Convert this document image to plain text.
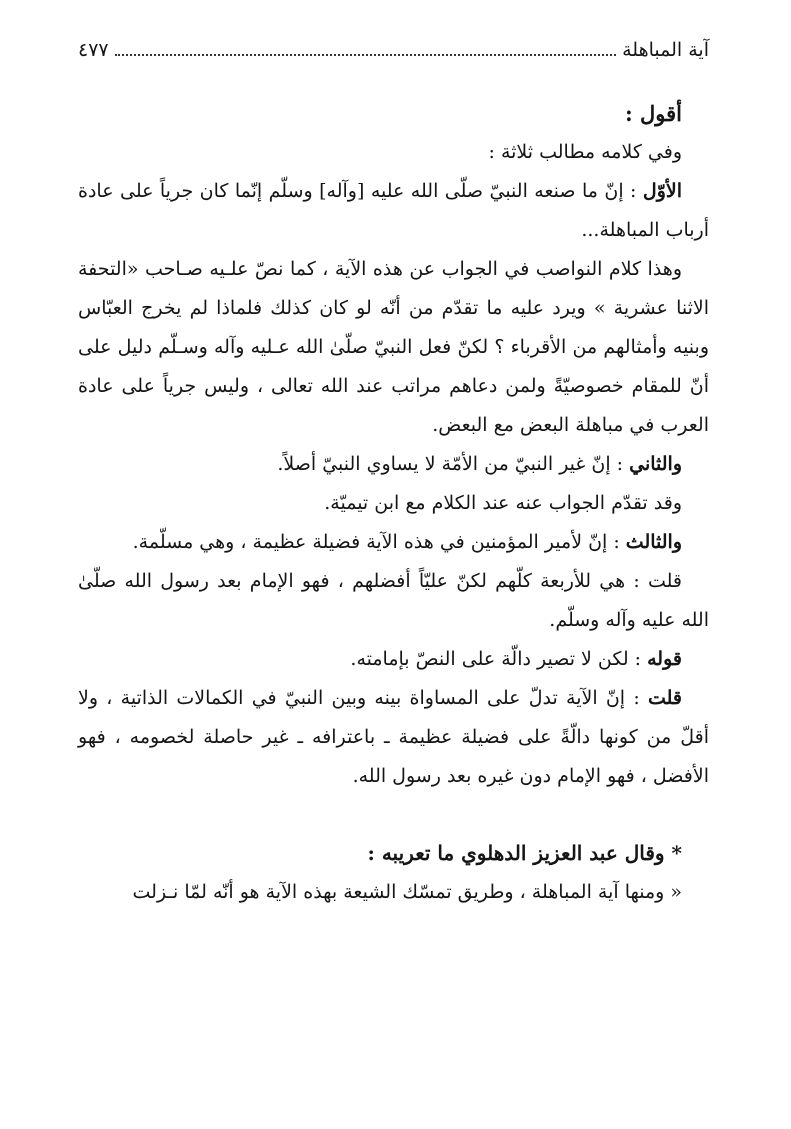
آية المباهلة
٤٧٧

أقول :

وفي كلامه مطالب ثلاثة :

الأوّل : إنّ ما صنعه النبيّ صلّى الله عليه [وآله] وسلّم إنّما كان جرياً على عادة أرباب المباهلة...

وهذا كلام النواصب في الجواب عن هذه الآية ، كما نصّ علـيه صـاحب «التحفة الاثنا عشرية » ويرد عليه ما تقدّم من أنّه لو كان كذلك فلماذا لم يخرج العبّاس وبنيه وأمثالهم من الأقرباء ؟ لكنّ فعل النبيّ صلّىٰ الله عـليه وآله وسـلّم دليل على أنّ للمقام خصوصيّةً ولمن دعاهم مراتب عند الله تعالى ، وليس جرياً على عادة العرب في مباهلة البعض مع البعض.

والثاني : إنّ غير النبيّ من الأمّة لا يساوي النبيّ أصلاً.

وقد تقدّم الجواب عنه عند الكلام مع ابن تيميّة.

والثالث : إنّ لأمير المؤمنين في هذه الآية فضيلة عظيمة ، وهي مسلّمة.

قلت : هي للأربعة كلّهم لكنّ عليّاً أفضلهم ، فهو الإمام بعد رسول الله صلّىٰ الله عليه وآله وسلّم.

قوله : لكن لا تصير دالّة على النصّ بإمامته.

قلت : إنّ الآية تدلّ على المساواة بينه وبين النبيّ في الكمالات الذاتية ، ولا أقلّ من كونها دالّةً على فضيلة عظيمة ـ باعترافه ـ غير حاصلة لخصومه ، فهو الأفضل ، فهو الإمام دون غيره بعد رسول الله.

* وقال عبد العزيز الدهلوي ما تعريبه :

« ومنها آية المباهلة ، وطريق تمسّك الشيعة بهذه الآية هو أنّه لمّا نـزلت
